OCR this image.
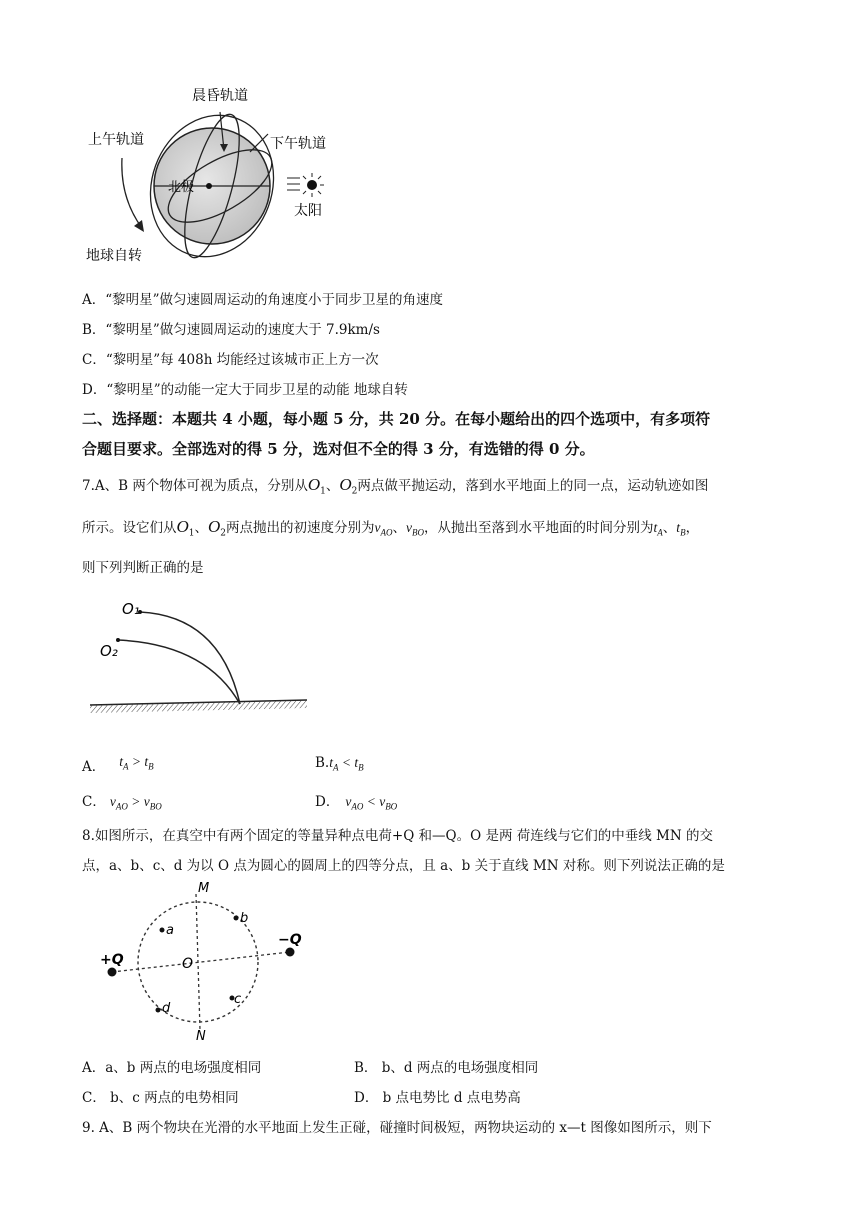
晨昏轨道
上午轨道	下午轨道
北极
太阳
地球自转
A．“黎明星”做匀速圆周运动的角速度小于同步卫星的角速度
B．“黎明星”做匀速圆周运动的速度大于 7.9km/s
C．“黎明星”每 408h 均能经过该城市正上方一次
D．“黎明星”的动能一定大于同步卫星的动能 地球自转
二、选择题：本题共 4 小题，每小题 5 分，共 20 分。在每小题给出的四个选项中，有多项符
合题目要求。全部选对的得 5 分，选对但不全的得 3 分，有选错的得 0 分。
7.A、B 两个物体可视为质点，分别从$O_1$、$O_2$两点做平抛运动，落到水平地面上的同一点，运动轨迹如图
所示。设它们从$O_1$、$O_2$两点抛出的初速度分别为$v_{AO}$、$v_{BO}$，从抛出至落到水平地面的时间分别为$t_A$、$t_B$，
则下列判断正确的是
O₁
O₂
A． $t_A > t_B$	$B.t_A < t_B$
C． $v_{AO} > v_{BO}$	D． $v_{AO} < v_{BO}$
8.如图所示，在真空中有两个固定的等量异种点电荷+Q 和—Q。O 是两 荷连线与它们的中垂线 MN 的交
点，a、b、c、d 为以 O 点为圆心的圆周上的四等分点，且 a、b 关于直线 MN 对称。则下列说法正确的是
M
N
O
a
b
c
d
+Q
−Q
A．a、b 两点的电场强度相同	B． b、d 两点的电场强度相同
C． b、c 两点的电势相同	D． b 点电势比 d 点电势高
9. A、B 两个物块在光滑的水平地面上发生正碰，碰撞时间极短，两物块运动的 x—t 图像如图所示，则下
